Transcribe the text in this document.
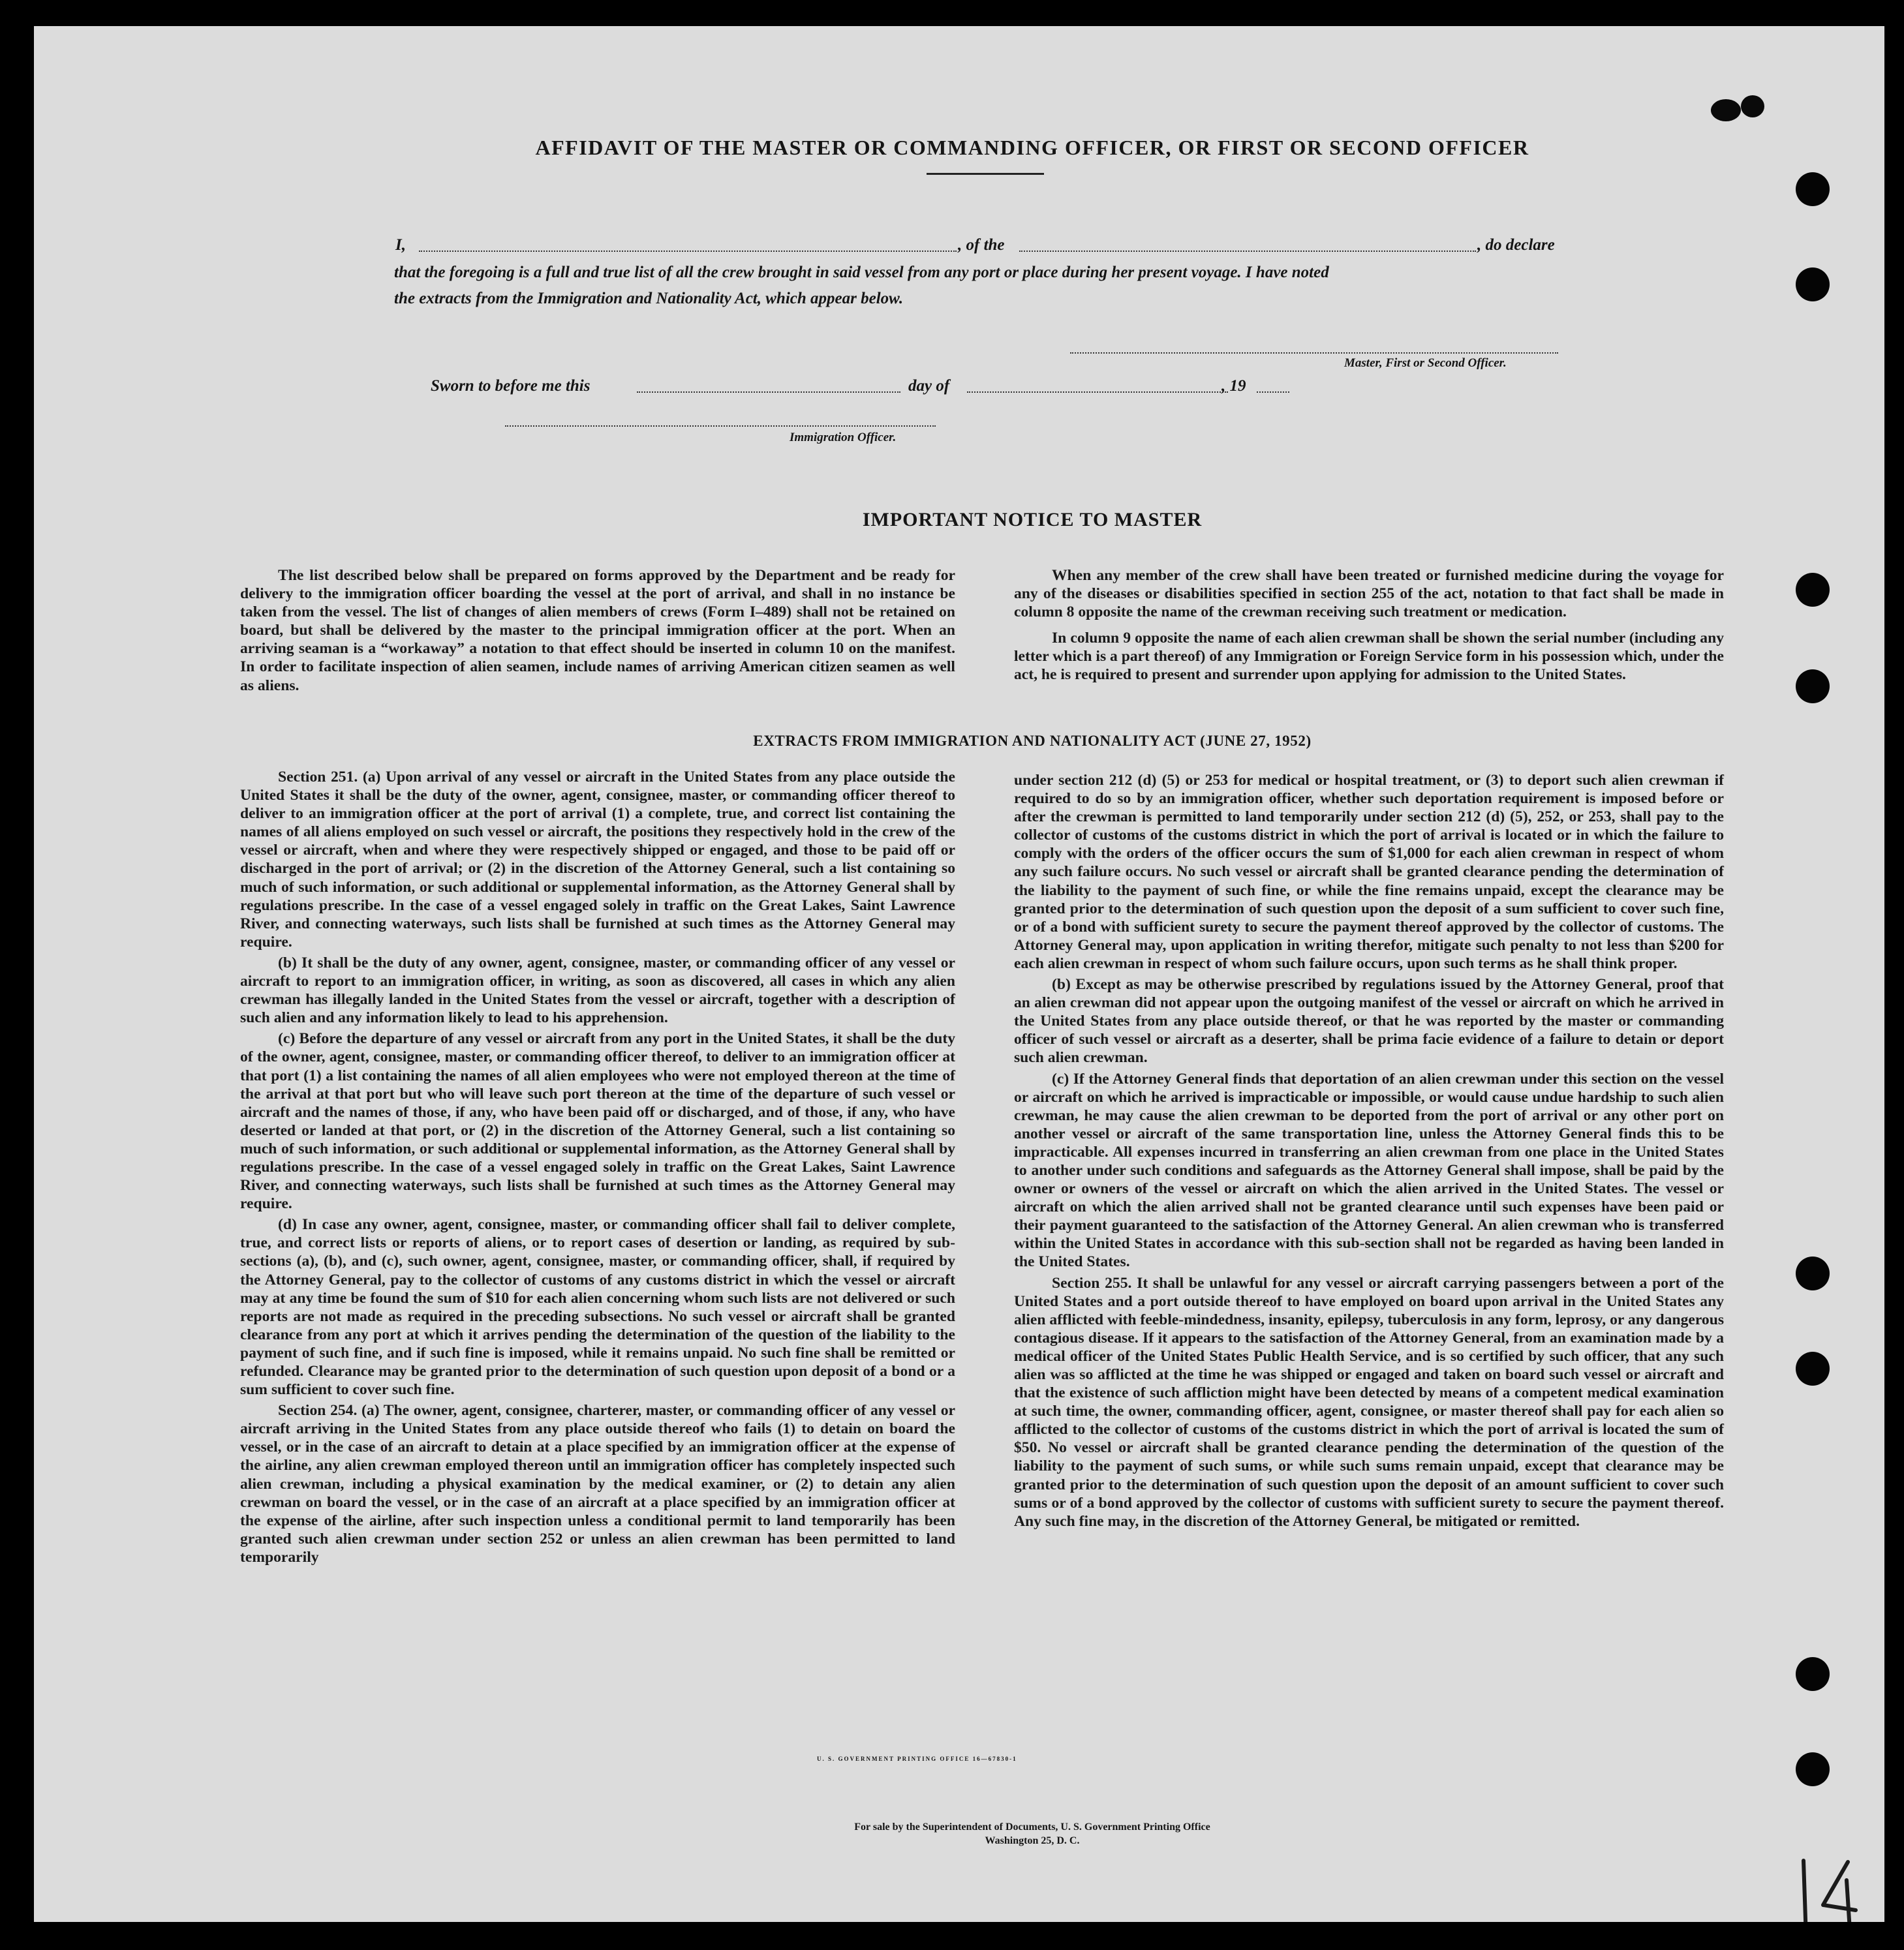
AFFIDAVIT OF THE MASTER OR COMMANDING OFFICER, OR FIRST OR SECOND OFFICER
I,	, of the	, do declare
that the foregoing is a full and true list of all the crew brought in said vessel from any port or place during her present voyage. I have noted
the extracts from the Immigration and Nationality Act, which appear below.
Master, First or Second Officer.
Sworn to before me this	day of	, 19
Immigration Officer.
IMPORTANT NOTICE TO MASTER

The list described below shall be prepared on forms approved by the Department and be ready for delivery to the immigration officer boarding the vessel at the port of arrival, and shall in no instance be taken from the vessel. The list of changes of alien members of crews (Form I–489) shall not be retained on board, but shall be delivered by the master to the principal immigration officer at the port. When an arriving seaman is a “workaway” a notation to that effect should be inserted in column 10 on the manifest. In order to facilitate inspection of alien seamen, include names of arriving American citizen seamen as well as aliens.

When any member of the crew shall have been treated or furnished medicine during the voyage for any of the diseases or disabilities specified in section 255 of the act, notation to that fact shall be made in column 8 opposite the name of the crewman receiving such treatment or medication.

In column 9 opposite the name of each alien crewman shall be shown the serial number (including any letter which is a part thereof) of any Immigration or Foreign Service form in his possession which, under the act, he is required to present and surrender upon applying for admission to the United States.

EXTRACTS FROM IMMIGRATION AND NATIONALITY ACT (JUNE 27, 1952)

Section 251. (a) Upon arrival of any vessel or aircraft in the United States from any place outside the United States it shall be the duty of the owner, agent, consignee, master, or commanding officer thereof to deliver to an immigration officer at the port of arrival (1) a complete, true, and correct list containing the names of all aliens employed on such vessel or aircraft, the positions they respectively hold in the crew of the vessel or aircraft, when and where they were respectively shipped or engaged, and those to be paid off or discharged in the port of arrival; or (2) in the discretion of the Attorney General, such a list containing so much of such information, or such additional or supplemental information, as the Attorney General shall by regulations prescribe. In the case of a vessel engaged solely in traffic on the Great Lakes, Saint Lawrence River, and connecting waterways, such lists shall be furnished at such times as the Attorney General may require.

(b) It shall be the duty of any owner, agent, consignee, master, or commanding officer of any vessel or aircraft to report to an immigration officer, in writing, as soon as discovered, all cases in which any alien crewman has illegally landed in the United States from the vessel or aircraft, together with a description of such alien and any information likely to lead to his apprehension.

(c) Before the departure of any vessel or aircraft from any port in the United States, it shall be the duty of the owner, agent, consignee, master, or commanding officer thereof, to deliver to an immigration officer at that port (1) a list containing the names of all alien employees who were not employed thereon at the time of the arrival at that port but who will leave such port thereon at the time of the departure of such vessel or aircraft and the names of those, if any, who have been paid off or discharged, and of those, if any, who have deserted or landed at that port, or (2) in the discretion of the Attorney General, such a list containing so much of such information, or such additional or supplemental information, as the Attorney General shall by regulations prescribe. In the case of a vessel engaged solely in traffic on the Great Lakes, Saint Lawrence River, and connecting waterways, such lists shall be furnished at such times as the Attorney General may require.

(d) In case any owner, agent, consignee, master, or commanding officer shall fail to deliver complete, true, and correct lists or reports of aliens, or to report cases of desertion or landing, as required by sub-sections (a), (b), and (c), such owner, agent, consignee, master, or commanding officer, shall, if required by the Attorney General, pay to the collector of customs of any customs district in which the vessel or aircraft may at any time be found the sum of $10 for each alien concerning whom such lists are not delivered or such reports are not made as required in the preceding subsections. No such vessel or aircraft shall be granted clearance from any port at which it arrives pending the determination of the question of the liability to the payment of such fine, and if such fine is imposed, while it remains unpaid. No such fine shall be remitted or refunded. Clearance may be granted prior to the determination of such question upon deposit of a bond or a sum sufficient to cover such fine.

Section 254. (a) The owner, agent, consignee, charterer, master, or commanding officer of any vessel or aircraft arriving in the United States from any place outside thereof who fails (1) to detain on board the vessel, or in the case of an aircraft to detain at a place specified by an immigration officer at the expense of the airline, any alien crewman employed thereon until an immigration officer has completely inspected such alien crewman, including a physical examination by the medical examiner, or (2) to detain any alien crewman on board the vessel, or in the case of an aircraft at a place specified by an immigration officer at the expense of the airline, after such inspection unless a conditional permit to land temporarily has been granted such alien crewman under section 252 or unless an alien crewman has been permitted to land temporarily

under section 212 (d) (5) or 253 for medical or hospital treatment, or (3) to deport such alien crewman if required to do so by an immigration officer, whether such deportation requirement is imposed before or after the crewman is permitted to land temporarily under section 212 (d) (5), 252, or 253, shall pay to the collector of customs of the customs district in which the port of arrival is located or in which the failure to comply with the orders of the officer occurs the sum of $1,000 for each alien crewman in respect of whom any such failure occurs. No such vessel or aircraft shall be granted clearance pending the determination of the liability to the payment of such fine, or while the fine remains unpaid, except the clearance may be granted prior to the determination of such question upon the deposit of a sum sufficient to cover such fine, or of a bond with sufficient surety to secure the payment thereof approved by the collector of customs. The Attorney General may, upon application in writing therefor, mitigate such penalty to not less than $200 for each alien crewman in respect of whom such failure occurs, upon such terms as he shall think proper.

(b) Except as may be otherwise prescribed by regulations issued by the Attorney General, proof that an alien crewman did not appear upon the outgoing manifest of the vessel or aircraft on which he arrived in the United States from any place outside thereof, or that he was reported by the master or commanding officer of such vessel or aircraft as a deserter, shall be prima facie evidence of a failure to detain or deport such alien crewman.

(c) If the Attorney General finds that deportation of an alien crewman under this section on the vessel or aircraft on which he arrived is impracticable or impossible, or would cause undue hardship to such alien crewman, he may cause the alien crewman to be deported from the port of arrival or any other port on another vessel or aircraft of the same transportation line, unless the Attorney General finds this to be impracticable. All expenses incurred in transferring an alien crewman from one place in the United States to another under such conditions and safeguards as the Attorney General shall impose, shall be paid by the owner or owners of the vessel or aircraft on which the alien arrived in the United States. The vessel or aircraft on which the alien arrived shall not be granted clearance until such expenses have been paid or their payment guaranteed to the satisfaction of the Attorney General. An alien crewman who is transferred within the United States in accordance with this sub-section shall not be regarded as having been landed in the United States.

Section 255. It shall be unlawful for any vessel or aircraft carrying passengers between a port of the United States and a port outside thereof to have employed on board upon arrival in the United States any alien afflicted with feeble-mindedness, insanity, epilepsy, tuberculosis in any form, leprosy, or any dangerous contagious disease. If it appears to the satisfaction of the Attorney General, from an examination made by a medical officer of the United States Public Health Service, and is so certified by such officer, that any such alien was so afflicted at the time he was shipped or engaged and taken on board such vessel or aircraft and that the existence of such affliction might have been detected by means of a competent medical examination at such time, the owner, commanding officer, agent, consignee, or master thereof shall pay for each alien so afflicted to the collector of customs of the customs district in which the port of arrival is located the sum of $50. No vessel or aircraft shall be granted clearance pending the determination of the question of the liability to the payment of such sums, or while such sums remain unpaid, except that clearance may be granted prior to the determination of such question upon the deposit of an amount sufficient to cover such sums or of a bond approved by the collector of customs with sufficient surety to secure the payment thereof. Any such fine may, in the discretion of the Attorney General, be mitigated or remitted.

U. S. GOVERNMENT PRINTING OFFICE 16—67830-1
For sale by the Superintendent of Documents, U. S. Government Printing Office
Washington 25, D. C.
